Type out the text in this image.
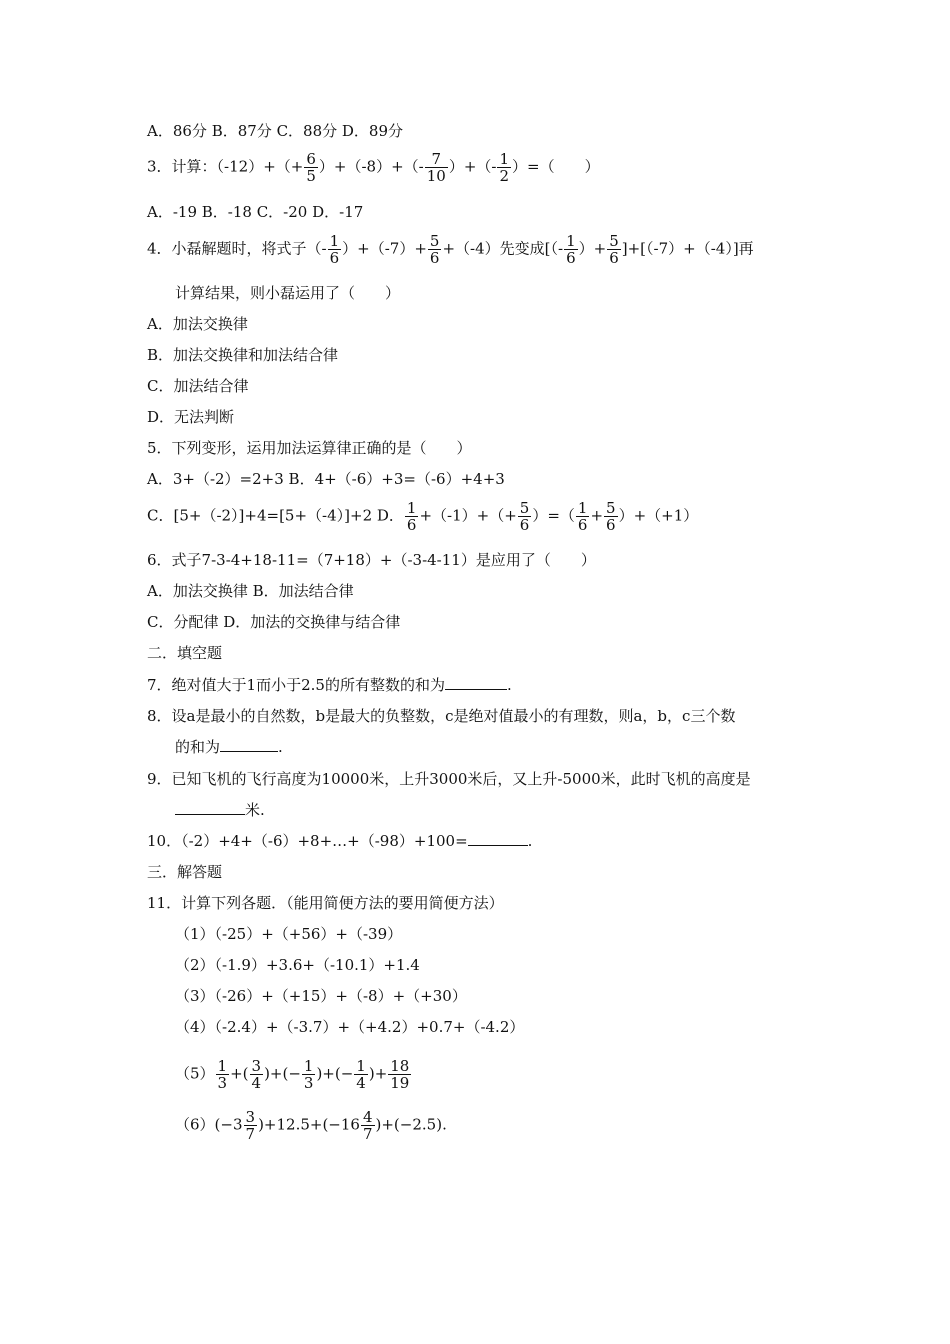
A．86分 B．87分 C．88分 D．89分
3．计算：$(-12)+(+ \frac{6}{5} )+(-8)+(- \frac{7}{10}$ ）+（- $\frac{1}{2}$ ）=（　　）
A．-19 B．-18 C．-20 D．-17
4．小磊解题时，将式子（- $\frac{1}{6} )+(-7)+ \frac{5}{6} +(-4)$先变成[（- $\frac{1}{6}$ ）+ $\frac{5}{6} ]+[(-7)+(-4)]$再
计算结果，则小磊运用了（　　）
A．加法交换律
B．加法交换律和加法结合律
C．加法结合律
D．无法判断
5．下列变形，运用加法运算律正确的是（　　）
A．3+（-2）=2+3 B．4+（-6）+3=（-6）+4+3
C．[5+（-2）]+4=[5+（-4）]+2 D． $\frac{1}{6} +(-1)+(+ \frac{5}{6}$ ）=（ $\frac{1}{6} + \frac{5}{6} )+(+1)$
6．式子7-3-4+18-11=（7+18）+（-3-4-11）是应用了（　　）
A．加法交换律 B．加法结合律
C．分配律 D．加法的交换律与结合律
二．填空题
7．绝对值大于1而小于2.5的所有整数的和为	.
8．设a是最小的自然数，b是最大的负整数，c是绝对值最小的有理数，则a，b，c三个数
的和为	.
9．已知飞机的飞行高度为10000米，上升3000米后，又上升-5000米，此时飞机的高度是
米.
10．（-2）+4+（-6）+8+…+（-98）+100=	.
三．解答题
11．计算下列各题．（能用简便方法的要用简便方法）
（1）（-25）+（+56）+（-39）
（2）（-1.9）+3.6+（-10.1）+1.4
（3）（-26）+（+15）+（-8）+（+30）
（4）（-2.4）+（-3.7）+（+4.2）+0.7+（-4.2）
$(5) \frac{1}{3}$ +( $\frac{3}{4}$ )+(− $\frac{1}{3}$ )+(− $\frac{1}{4}$ )+ $\frac{18}{19}$
$(6)(-3 \frac{3}{7} )+12.5+(-16 \frac{4}{7} )+(-2.5)$.
